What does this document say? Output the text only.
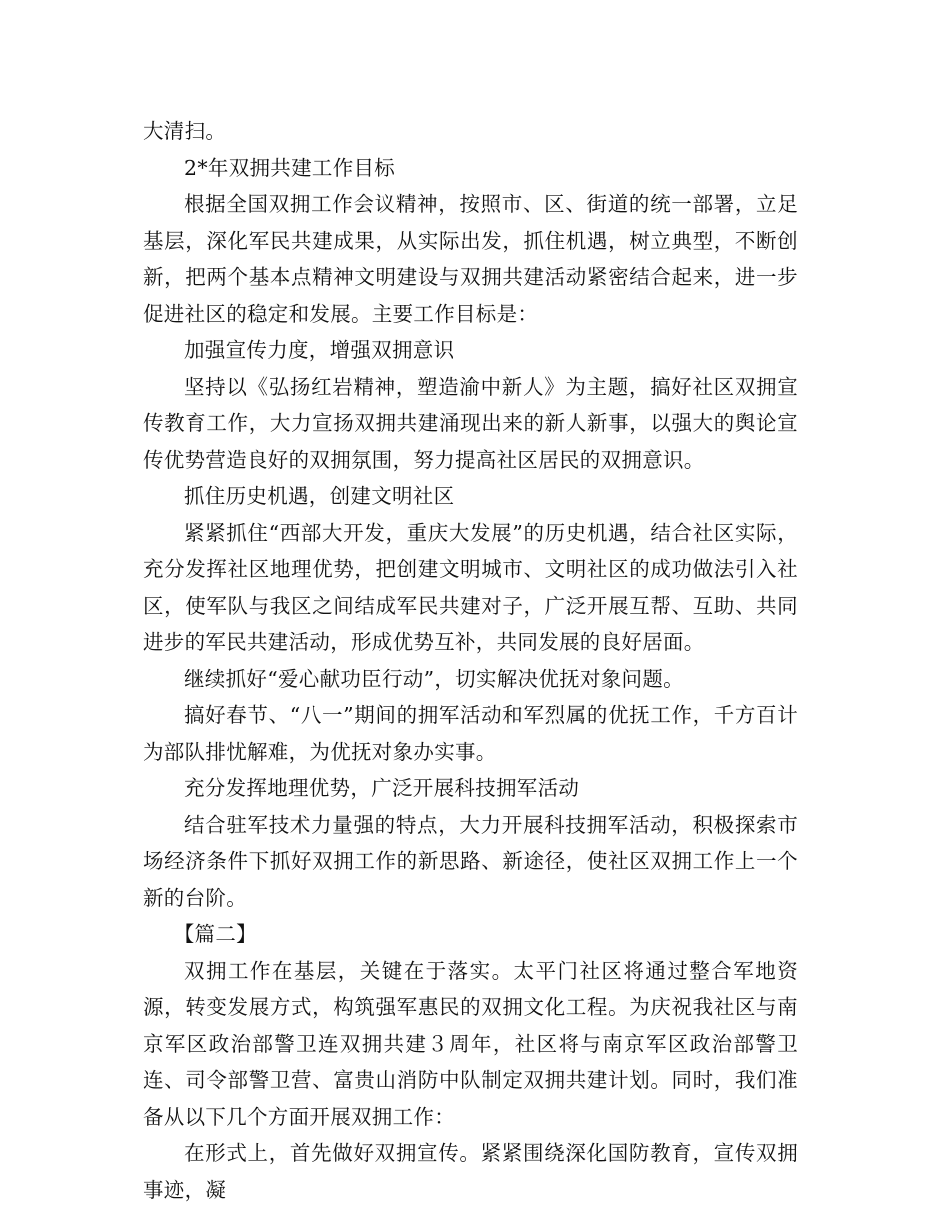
大清扫。

2*年双拥共建工作目标

根据全国双拥工作会议精神，按照市、区、街道的统一部署，立足基层，深化军民共建成果，从实际出发，抓住机遇，树立典型，不断创新，把两个基本点精神文明建设与双拥共建活动紧密结合起来，进一步促进社区的稳定和发展。主要工作目标是：

加强宣传力度，增强双拥意识

坚持以《弘扬红岩精神，塑造渝中新人》为主题，搞好社区双拥宣传教育工作，大力宣扬双拥共建涌现出来的新人新事，以强大的舆论宣传优势营造良好的双拥氛围，努力提高社区居民的双拥意识。

抓住历史机遇，创建文明社区

紧紧抓住“西部大开发，重庆大发展”的历史机遇，结合社区实际，充分发挥社区地理优势，把创建文明城市、文明社区的成功做法引入社区，使军队与我区之间结成军民共建对子，广泛开展互帮、互助、共同进步的军民共建活动，形成优势互补，共同发展的良好居面。

继续抓好“爱心献功臣行动”，切实解决优抚对象问题。

搞好春节、“八一”期间的拥军活动和军烈属的优抚工作，千方百计为部队排忧解难，为优抚对象办实事。

充分发挥地理优势，广泛开展科技拥军活动

结合驻军技术力量强的特点，大力开展科技拥军活动，积极探索市场经济条件下抓好双拥工作的新思路、新途径，使社区双拥工作上一个新的台阶。

【篇二】

双拥工作在基层，关键在于落实。太平门社区将通过整合军地资源，转变发展方式，构筑强军惠民的双拥文化工程。为庆祝我社区与南京军区政治部警卫连双拥共建３周年，社区将与南京军区政治部警卫连、司令部警卫营、富贵山消防中队制定双拥共建计划。同时，我们准备从以下几个方面开展双拥工作：

在形式上，首先做好双拥宣传。紧紧围绕深化国防教育，宣传双拥事迹，凝
